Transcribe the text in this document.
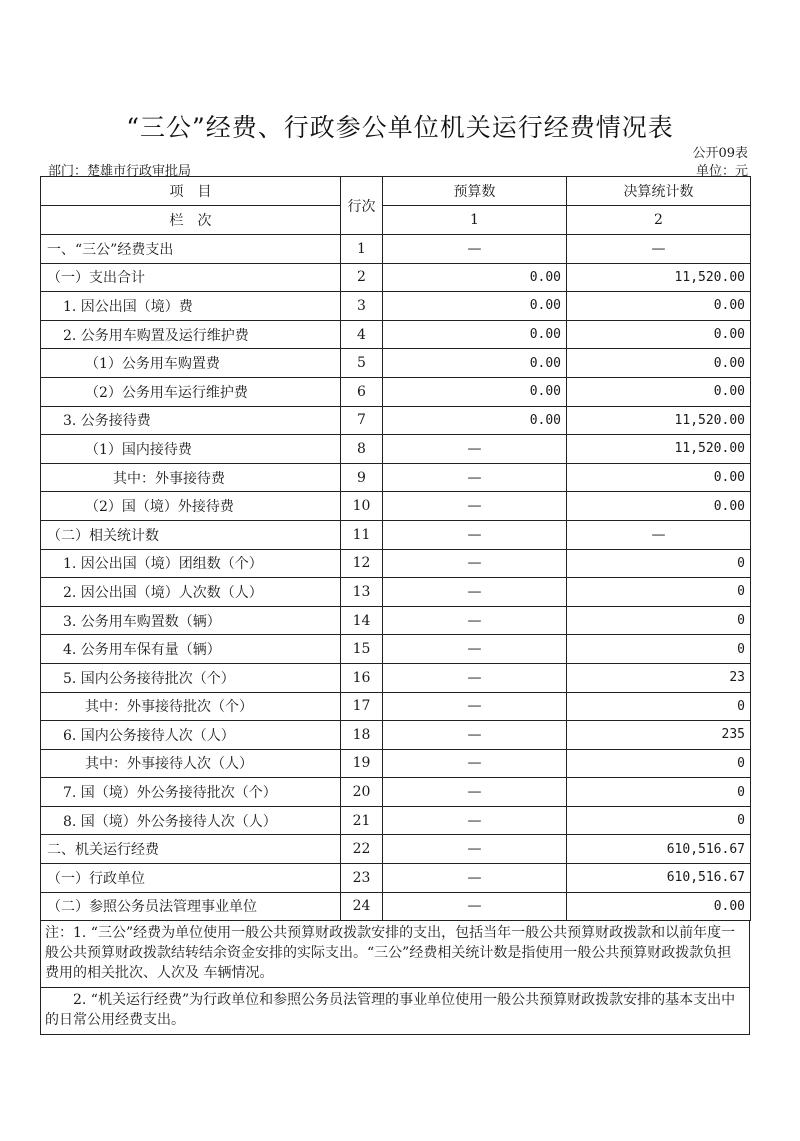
“三公”经费、行政参公单位机关运行经费情况表
公开09表
部门：楚雄市行政审批局	单位：元
项　目	行次	预算数	决算统计数
栏　次		1	2
一、“三公”经费支出	1	—	—
（一）支出合计	2	0.00	11,520.00
1. 因公出国（境）费	3	0.00	0.00
2. 公务用车购置及运行维护费	4	0.00	0.00
（1）公务用车购置费	5	0.00	0.00
（2）公务用车运行维护费	6	0.00	0.00
3. 公务接待费	7	0.00	11,520.00
（1）国内接待费	8	—	11,520.00
其中：外事接待费	9	—	0.00
（2）国（境）外接待费	10	—	0.00
（二）相关统计数	11	—	—
1. 因公出国（境）团组数（个）	12	—	0
2. 因公出国（境）人次数（人）	13	—	0
3. 公务用车购置数（辆）	14	—	0
4. 公务用车保有量（辆）	15	—	0
5. 国内公务接待批次（个）	16	—	23
其中：外事接待批次（个）	17	—	0
6. 国内公务接待人次（人）	18	—	235
其中：外事接待人次（人）	19	—	0
7. 国（境）外公务接待批次（个）	20	—	0
8. 国（境）外公务接待人次（人）	21	—	0
二、机关运行经费	22	—	610,516.67
（一）行政单位	23	—	610,516.67
（二）参照公务员法管理事业单位	24	—	0.00
注：1. “三公”经费为单位使用一般公共预算财政拨款安排的支出，包括当年一般公共预算财政拨款和以前年度一般公共预算财政拨款结转结余资金安排的实际支出。“三公”经费相关统计数是指使用一般公共预算财政拨款负担费用的相关批次、人次及 车辆情况。
　　2. “机关运行经费”为行政单位和参照公务员法管理的事业单位使用一般公共预算财政拨款安排的基本支出中的日常公用经费支出。
